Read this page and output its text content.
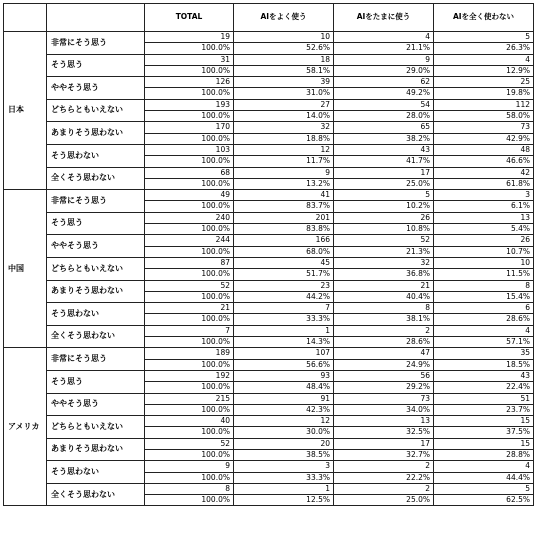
		TOTAL	AIをよく使う	AIをたまに使う	AIを全く使わない
日本	非常にそう思う	19	10	4	5
		100.0%	52.6%	21.1%	26.3%
	そう思う	31	18	9	4
		100.0%	58.1%	29.0%	12.9%
	ややそう思う	126	39	62	25
		100.0%	31.0%	49.2%	19.8%
	どちらともいえない	193	27	54	112
		100.0%	14.0%	28.0%	58.0%
	あまりそう思わない	170	32	65	73
		100.0%	18.8%	38.2%	42.9%
	そう思わない	103	12	43	48
		100.0%	11.7%	41.7%	46.6%
	全くそう思わない	68	9	17	42
		100.0%	13.2%	25.0%	61.8%
中国	非常にそう思う	49	41	5	3
		100.0%	83.7%	10.2%	6.1%
	そう思う	240	201	26	13
		100.0%	83.8%	10.8%	5.4%
	ややそう思う	244	166	52	26
		100.0%	68.0%	21.3%	10.7%
	どちらともいえない	87	45	32	10
		100.0%	51.7%	36.8%	11.5%
	あまりそう思わない	52	23	21	8
		100.0%	44.2%	40.4%	15.4%
	そう思わない	21	7	8	6
		100.0%	33.3%	38.1%	28.6%
	全くそう思わない	7	1	2	4
		100.0%	14.3%	28.6%	57.1%
アメリカ	非常にそう思う	189	107	47	35
		100.0%	56.6%	24.9%	18.5%
	そう思う	192	93	56	43
		100.0%	48.4%	29.2%	22.4%
	ややそう思う	215	91	73	51
		100.0%	42.3%	34.0%	23.7%
	どちらともいえない	40	12	13	15
		100.0%	30.0%	32.5%	37.5%
	あまりそう思わない	52	20	17	15
		100.0%	38.5%	32.7%	28.8%
	そう思わない	9	3	2	4
		100.0%	33.3%	22.2%	44.4%
	全くそう思わない	8	1	2	5
		100.0%	12.5%	25.0%	62.5%
